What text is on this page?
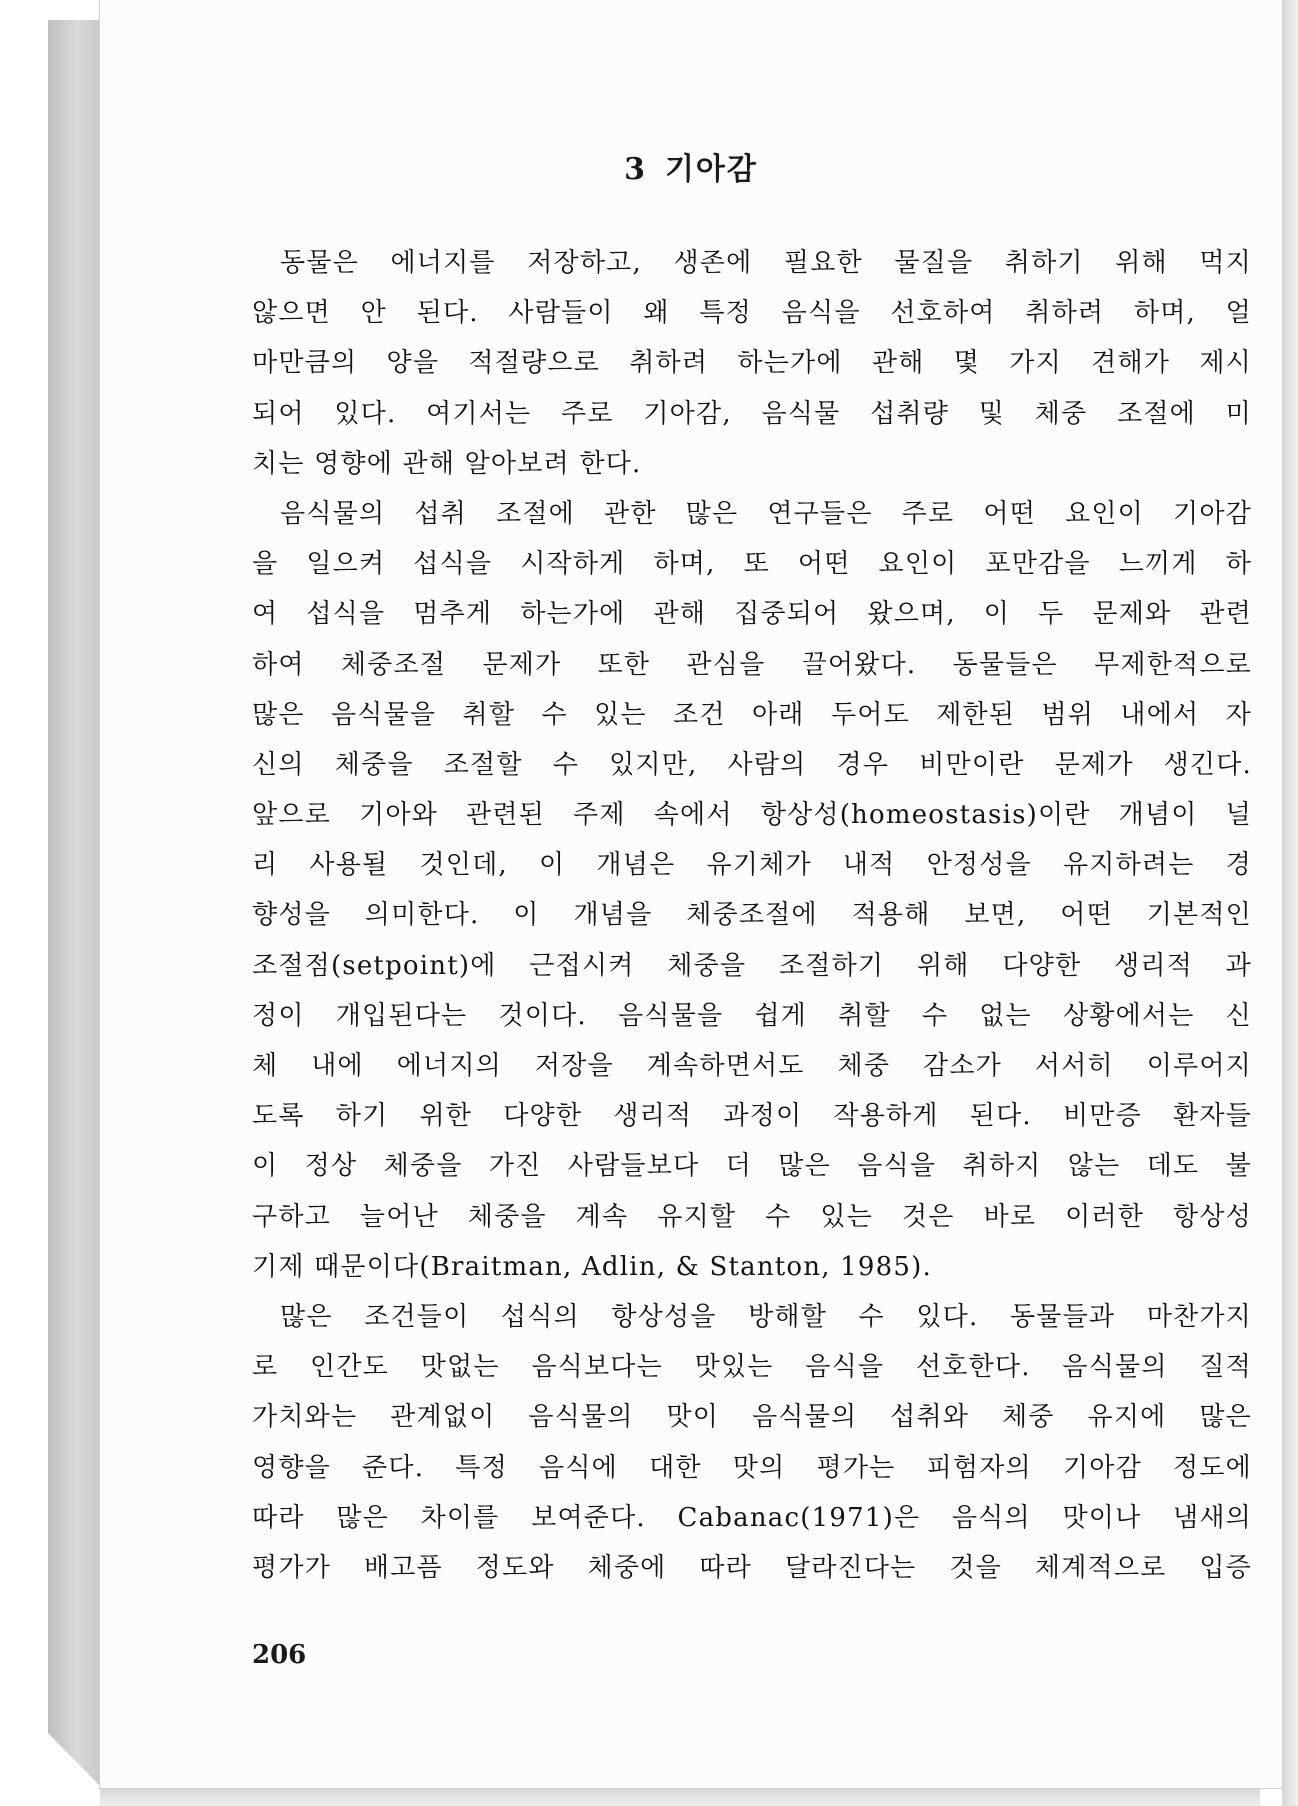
3 기아감
동물은 에너지를 저장하고, 생존에 필요한 물질을 취하기 위해 먹지
않으면 안 된다. 사람들이 왜 특정 음식을 선호하여 취하려 하며, 얼
마만큼의 양을 적절량으로 취하려 하는가에 관해 몇 가지 견해가 제시
되어 있다. 여기서는 주로 기아감, 음식물 섭취량 및 체중 조절에 미
치는 영향에 관해 알아보려 한다.
음식물의 섭취 조절에 관한 많은 연구들은 주로 어떤 요인이 기아감
을 일으켜 섭식을 시작하게 하며, 또 어떤 요인이 포만감을 느끼게 하
여 섭식을 멈추게 하는가에 관해 집중되어 왔으며, 이 두 문제와 관련
하여 체중조절 문제가 또한 관심을 끌어왔다. 동물들은 무제한적으로
많은 음식물을 취할 수 있는 조건 아래 두어도 제한된 범위 내에서 자
신의 체중을 조절할 수 있지만, 사람의 경우 비만이란 문제가 생긴다.
앞으로 기아와 관련된 주제 속에서 항상성(homeostasis)이란 개념이 널
리 사용될 것인데, 이 개념은 유기체가 내적 안정성을 유지하려는 경
향성을 의미한다. 이 개념을 체중조절에 적용해 보면, 어떤 기본적인
조절점(setpoint)에 근접시켜 체중을 조절하기 위해 다양한 생리적 과
정이 개입된다는 것이다. 음식물을 쉽게 취할 수 없는 상황에서는 신
체 내에 에너지의 저장을 계속하면서도 체중 감소가 서서히 이루어지
도록 하기 위한 다양한 생리적 과정이 작용하게 된다. 비만증 환자들
이 정상 체중을 가진 사람들보다 더 많은 음식을 취하지 않는 데도 불
구하고 늘어난 체중을 계속 유지할 수 있는 것은 바로 이러한 항상성
기제 때문이다(Braitman, Adlin, & Stanton, 1985).
많은 조건들이 섭식의 항상성을 방해할 수 있다. 동물들과 마찬가지
로 인간도 맛없는 음식보다는 맛있는 음식을 선호한다. 음식물의 질적
가치와는 관계없이 음식물의 맛이 음식물의 섭취와 체중 유지에 많은
영향을 준다. 특정 음식에 대한 맛의 평가는 피험자의 기아감 정도에
따라 많은 차이를 보여준다. Cabanac(1971)은 음식의 맛이나 냄새의
평가가 배고픔 정도와 체중에 따라 달라진다는 것을 체계적으로 입증
206
